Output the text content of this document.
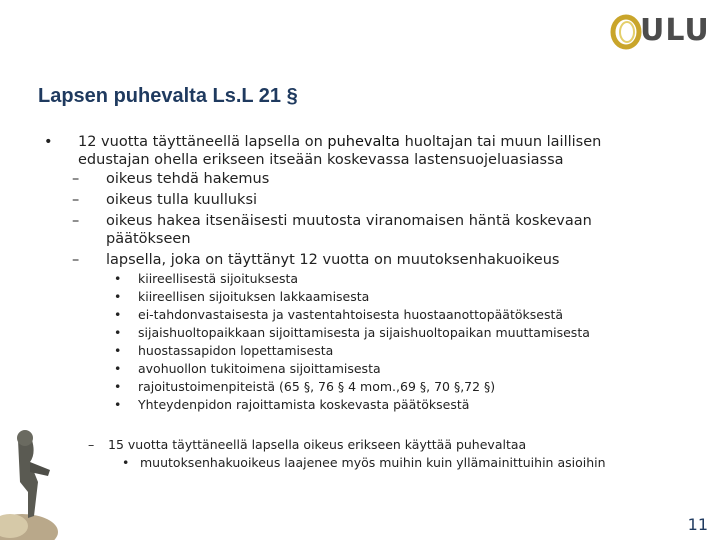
ULU
Lapsen puhevalta Ls.L 21 §
• 12 vuotta täyttäneellä lapsella on puhevalta huoltajan tai muun laillisen
edustajan ohella erikseen itseään koskevassa lastensuojeluasiassa
– oikeus tehdä hakemus
– oikeus tulla kuulluksi
– oikeus hakea itsenäisesti muutosta viranomaisen häntä koskevaan
päätökseen
– lapsella, joka on täyttänyt 12 vuotta on muutoksenhakuoikeus
• kiireellisestä sijoituksesta
• kiireellisen sijoituksen lakkaamisesta
• ei-tahdonvastaisesta ja vastentahtoisesta huostaanottopäätöksestä
• sijaishuoltopaikkaan sijoittamisesta ja sijaishuoltopaikan muuttamisesta
• huostassapidon lopettamisesta
• avohuollon tukitoimena sijoittamisesta
• rajoitustoimenpiteistä (65 §, 76 § 4 mom.,69 §, 70 §,72 §)
• Yhteydenpidon rajoittamista koskevasta päätöksestä
– 15 vuotta täyttäneellä lapsella oikeus erikseen käyttää puhevaltaa
• muutoksenhakuoikeus laajenee myös muihin kuin yllämainittuihin asioihin
11
